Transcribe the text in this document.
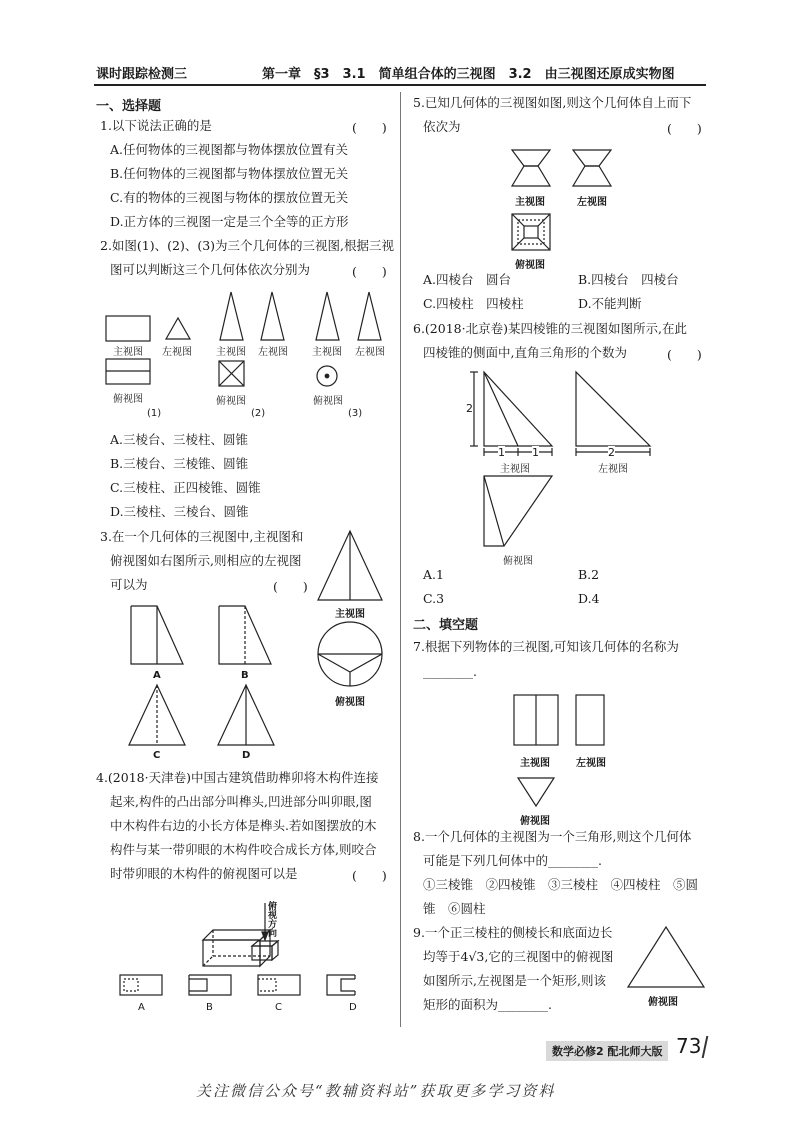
课时跟踪检测三	第一章　§3　3.1　简单组合体的三视图　3.2　由三视图还原成实物图
一、选择题
1.以下说法正确的是	(　　)
A.任何物体的三视图都与物体摆放位置有关
B.任何物体的三视图都与物体摆放位置无关
C.有的物体的三视图与物体的摆放位置无关
D.正方体的三视图一定是三个全等的正方形
2.如图(1)、(2)、(3)为三个几何体的三视图,根据三视
图可以判断这三个几何体依次分别为	(　　)
主视图 左视图
俯视图
(1)
主视图 左视图
俯视图
(2)
主视图 左视图
俯视图
(3)
A.三棱台、三棱柱、圆锥
B.三棱台、三棱锥、圆锥
C.三棱柱、正四棱锥、圆锥
D.三棱柱、三棱台、圆锥
3.在一个几何体的三视图中,主视图和
俯视图如右图所示,则相应的左视图
可以为	(　　)
主视图
俯视图
A	B
C	D
4.(2018·天津卷)中国古建筑借助榫卯将木构件连接
起来,构件的凸出部分叫榫头,凹进部分叫卯眼,图
中木构件右边的小长方体是榫头.若如图摆放的木
构件与某一带卯眼的木构件咬合成长方体,则咬合
时带卯眼的木构件的俯视图可以是	(　　)
俯视方向
A	B	C	D
5.已知几何体的三视图如图,则这个几何体自上而下
依次为	(　　)
主视图	左视图
俯视图
A.四棱台　圆台	B.四棱台　四棱台
C.四棱柱　四棱柱	D.不能判断
6.(2018·北京卷)某四棱锥的三视图如图所示,在此
四棱锥的侧面中,直角三角形的个数为	(　　)
2
1 1	2
主视图	左视图
俯视图
A.1	B.2
C.3	D.4
二、填空题
7.根据下列物体的三视图,可知该几何体的名称为
________.
主视图	左视图
俯视图
8.一个几何体的主视图为一个三角形,则这个几何体
可能是下列几何体中的________.
①三棱锥　②四棱锥　③三棱柱　④四棱柱　⑤圆
锥　⑥圆柱
9.一个正三棱柱的侧棱长和底面边长
均等于4√3,它的三视图中的俯视图
如图所示,左视图是一个矩形,则该
矩形的面积为________.	俯视图
数学必修2 配北师大版 73
关注微信公众号“教辅资料站”获取更多学习资料
